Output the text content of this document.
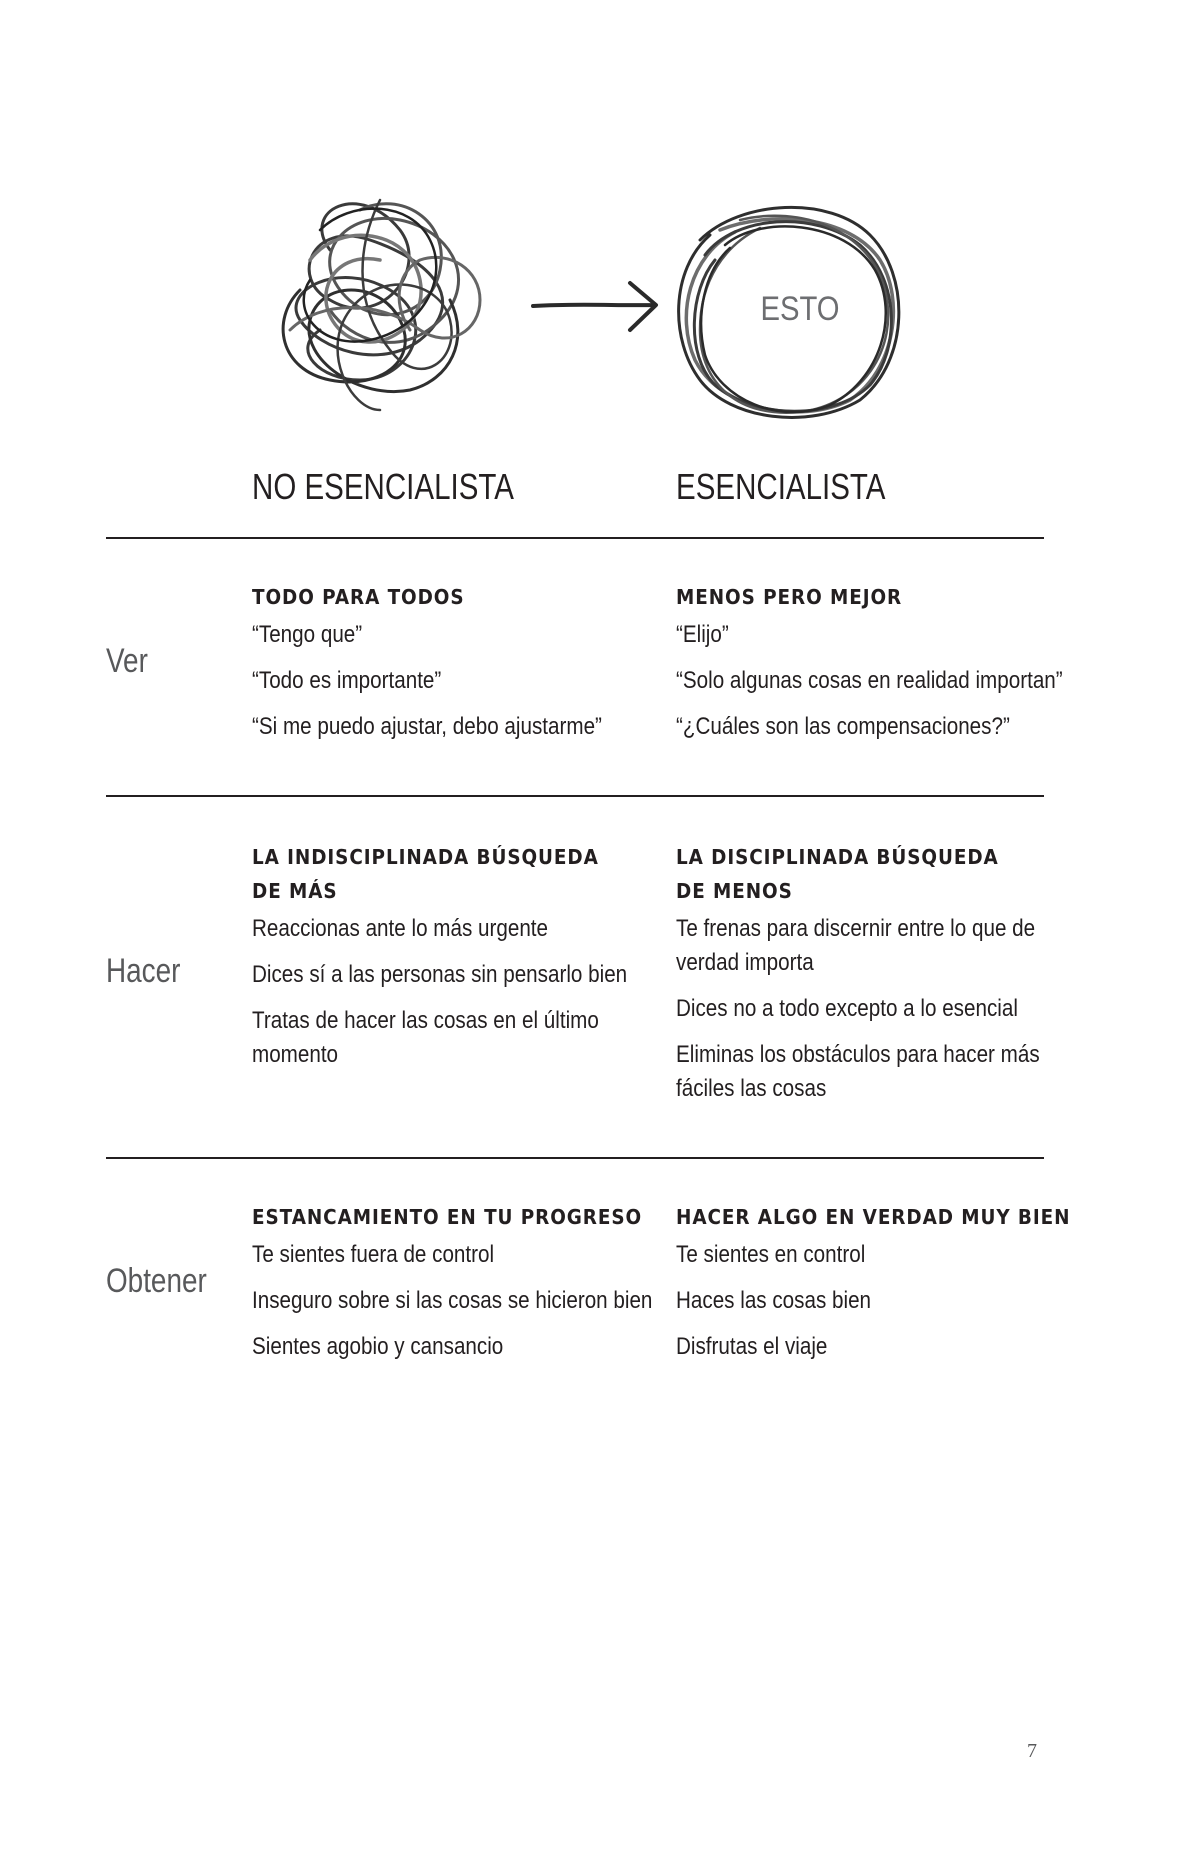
ESTO
NO ESENCIALISTA	ESENCIALISTA
Ver
TODO PARA TODOS
“Tengo que”
“Todo es importante”
“Si me puedo ajustar, debo ajustarme”
MENOS PERO MEJOR
“Elijo”
“Solo algunas cosas en realidad importan”
“¿Cuáles son las compensaciones?”
Hacer
LA INDISCIPLINADA BÚSQUEDA
DE MÁS
Reaccionas ante lo más urgente
Dices sí a las personas sin pensarlo bien
Tratas de hacer las cosas en el último momento
LA DISCIPLINADA BÚSQUEDA
DE MENOS
Te frenas para discernir entre lo que de verdad importa
Dices no a todo excepto a lo esencial
Eliminas los obstáculos para hacer más fáciles las cosas
Obtener
ESTANCAMIENTO EN TU PROGRESO
Te sientes fuera de control
Inseguro sobre si las cosas se hicieron bien
Sientes agobio y cansancio
HACER ALGO EN VERDAD MUY BIEN
Te sientes en control
Haces las cosas bien
Disfrutas el viaje
7
